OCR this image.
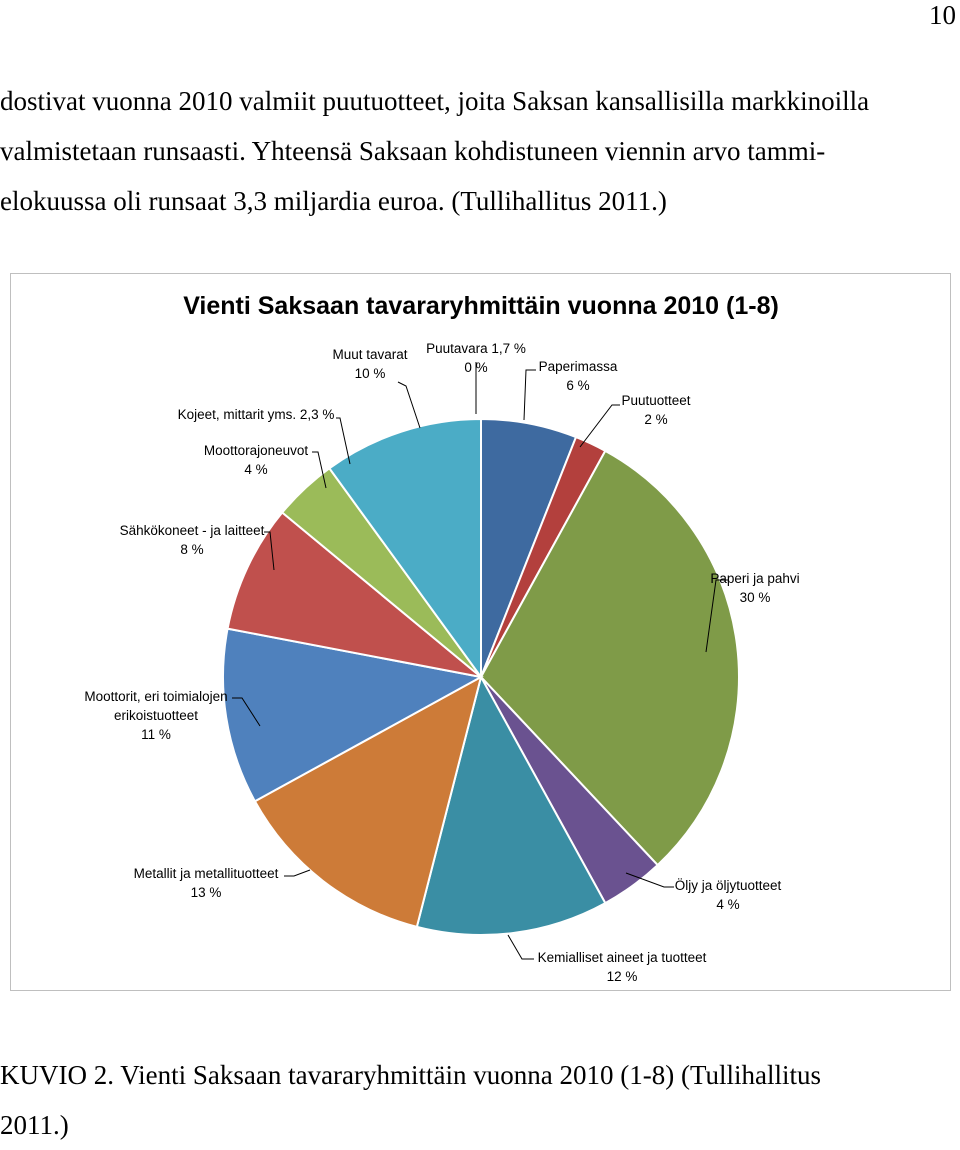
10
dostivat vuonna 2010 valmiit puutuotteet, joita Saksan kansallisilla markkinoilla
valmistetaan runsaasti. Yhteensä Saksaan kohdistuneen viennin arvo tammi-
elokuussa oli runsaat 3,3 miljardia euroa. (Tullihallitus 2011.)
Vienti Saksaan tavararyhmittäin vuonna 2010 (1-8)
Puutavara 1,7 %
0 %	Paperimassa
6 %
Puutuotteet
2 %
Paperi ja pahvi
30 %
Öljy ja öljytuotteet
4 %
Kemialliset aineet ja tuotteet
12 %
Metallit ja metallituotteet
13 %
Moottorit, eri toimialojen
erikoistuotteet
11 %
Sähkökoneet - ja laitteet
8 %
Moottorajoneuvot
4 %
Kojeet, mittarit yms. 2,3 %
Muut tavarat
10 %
KUVIO 2. Vienti Saksaan tavararyhmittäin vuonna 2010 (1-8) (Tullihallitus
2011.)
